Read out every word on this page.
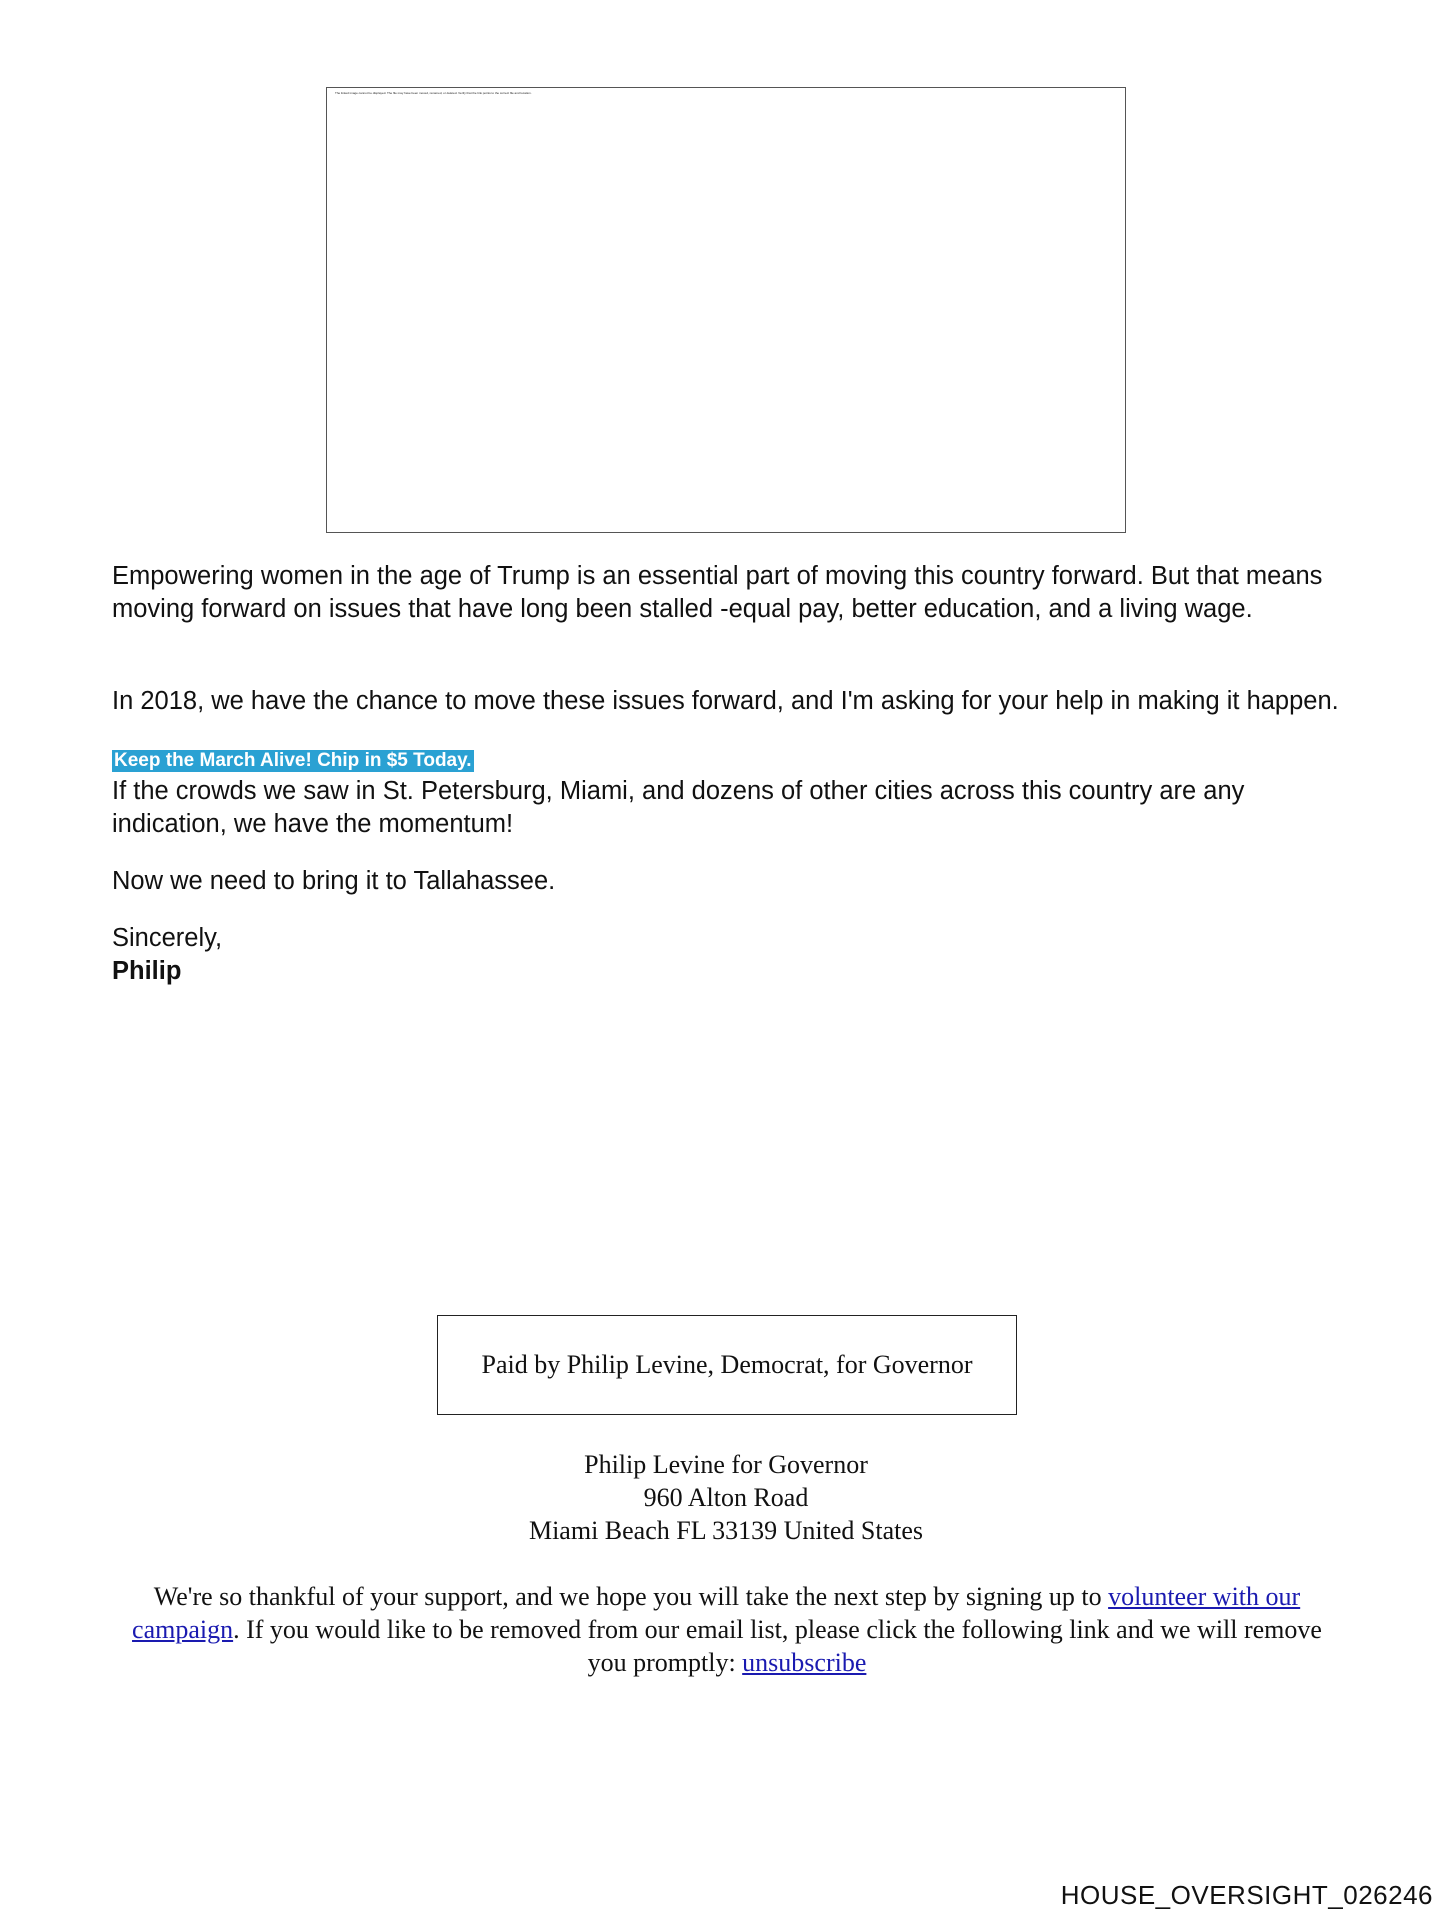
The linked image cannot be displayed. The file may have been moved, renamed, or deleted. Verify that the link points to the correct file and location.

Empowering women in the age of Trump is an essential part of moving this country forward. But that means moving forward on issues that have long been stalled -equal pay, better education, and a living wage.

In 2018, we have the chance to move these issues forward, and I'm asking for your help in making it happen.

Keep the March Alive! Chip in $5 Today.

If the crowds we saw in St. Petersburg, Miami, and dozens of other cities across this country are any indication, we have the momentum!

Now we need to bring it to Tallahassee.

Sincerely,

Philip

Paid by Philip Levine, Democrat, for Governor
Philip Levine for Governor
960 Alton Road
Miami Beach FL 33139 United States

We're so thankful of your support, and we hope you will take the next step by signing up to volunteer with our campaign. If you would like to be removed from our email list, please click the following link and we will remove you promptly: unsubscribe

HOUSE_OVERSIGHT_026246
